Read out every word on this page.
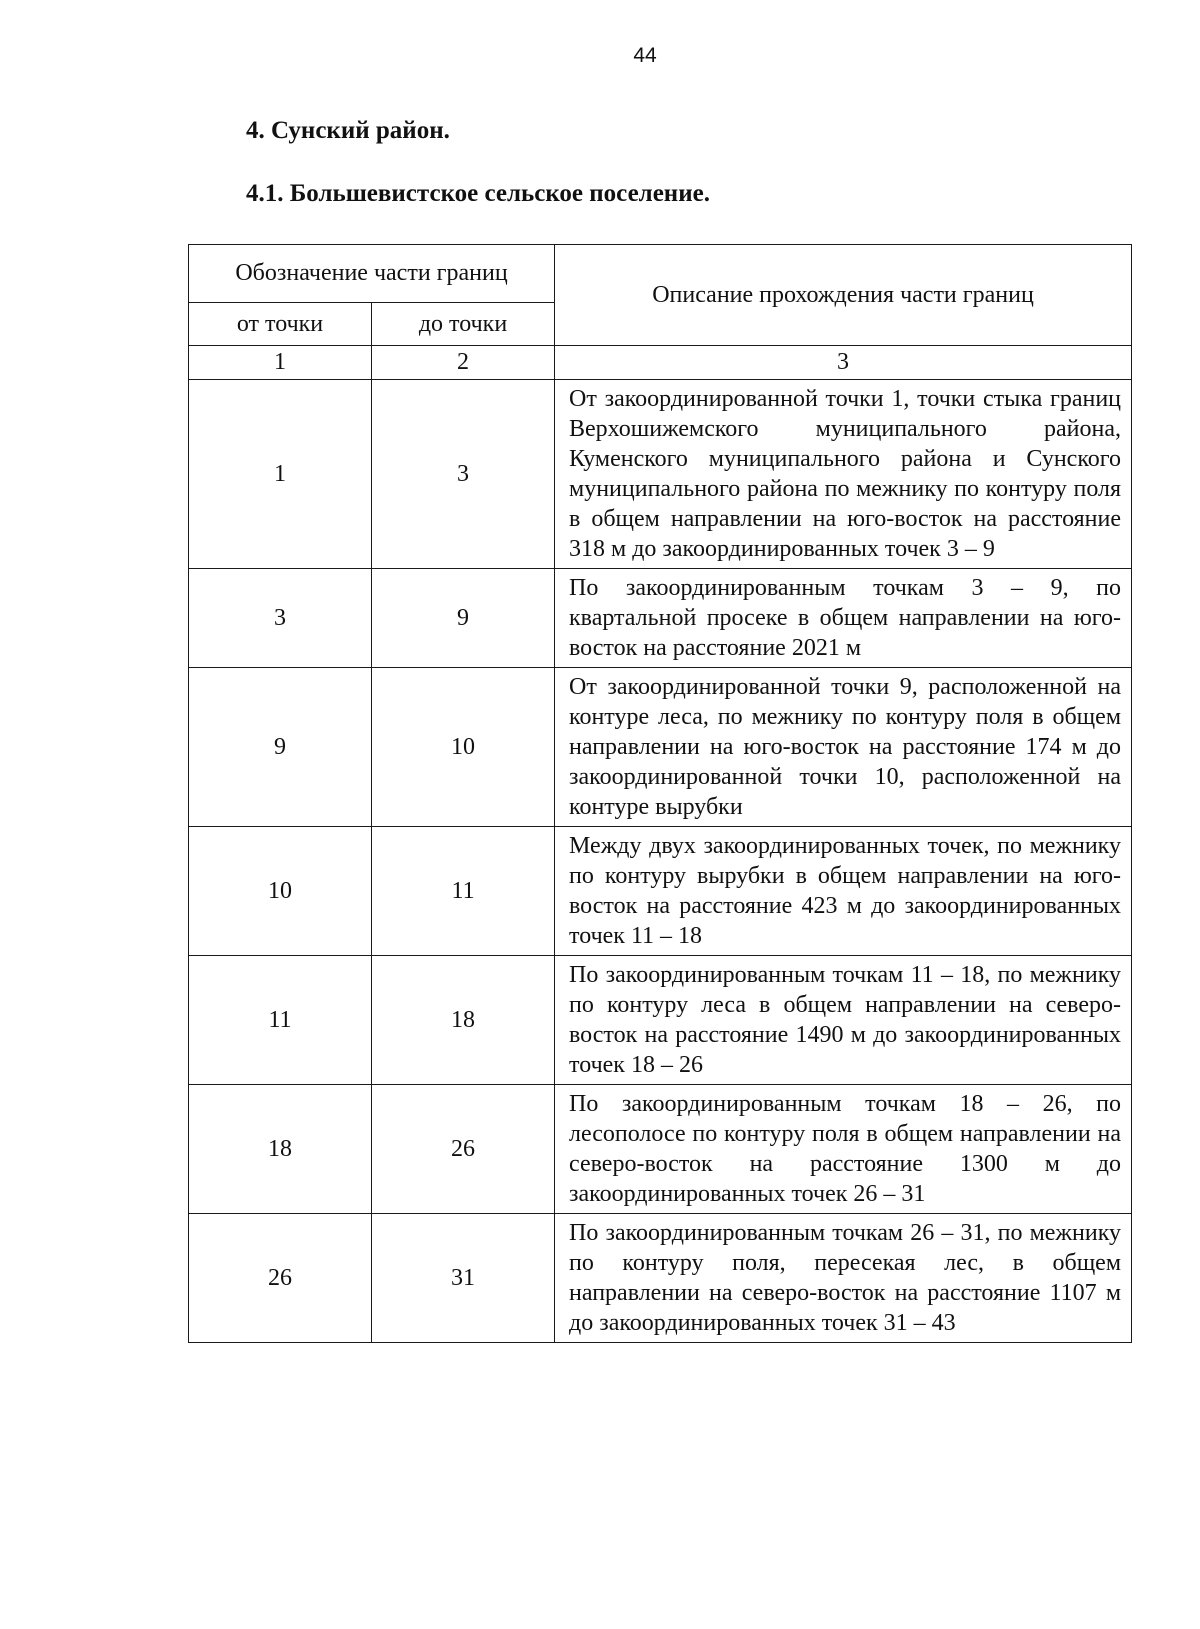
44
4. Сунский район.
4.1. Большевистское сельское поселение.
Обозначение части границ		Описание прохождения части границ
от точки	до точки	
1	2	3
1	3	От закоординированной точки 1, точки стыка границ Верхошижемского муниципального района, Куменского муниципального района и Сунского муниципального района по межнику по контуру поля в общем направлении на юго-восток на расстояние 318 м до закоординированных точек 3 – 9
3	9	По закоординированным точкам 3 – 9, по квартальной просеке в общем направлении на юго- восток на расстояние 2021 м
9	10	От закоординированной точки 9, расположенной на контуре леса, по межнику по контуру поля в общем направлении на юго-восток на расстояние 174 м до закоординированной точки 10, расположенной на контуре вырубки
10	11	Между двух закоординированных точек, по межнику по контуру вырубки в общем направлении на юго-восток на расстояние 423 м до закоординированных точек 11 – 18
11	18	По закоординированным точкам 11 – 18, по межнику по контуру леса в общем направлении на северо-восток на расстояние 1490 м до закоординированных точек 18 – 26
18	26	По закоординированным точкам 18 – 26, по лесополосе по контуру поля в общем направлении на северо-восток на расстояние 1300 м до закоординированных точек 26 – 31
26	31	По закоординированным точкам 26 – 31, по межнику по контуру поля, пересекая лес, в общем направлении на северо-восток на расстояние 1107 м до закоординированных точек 31 – 43
